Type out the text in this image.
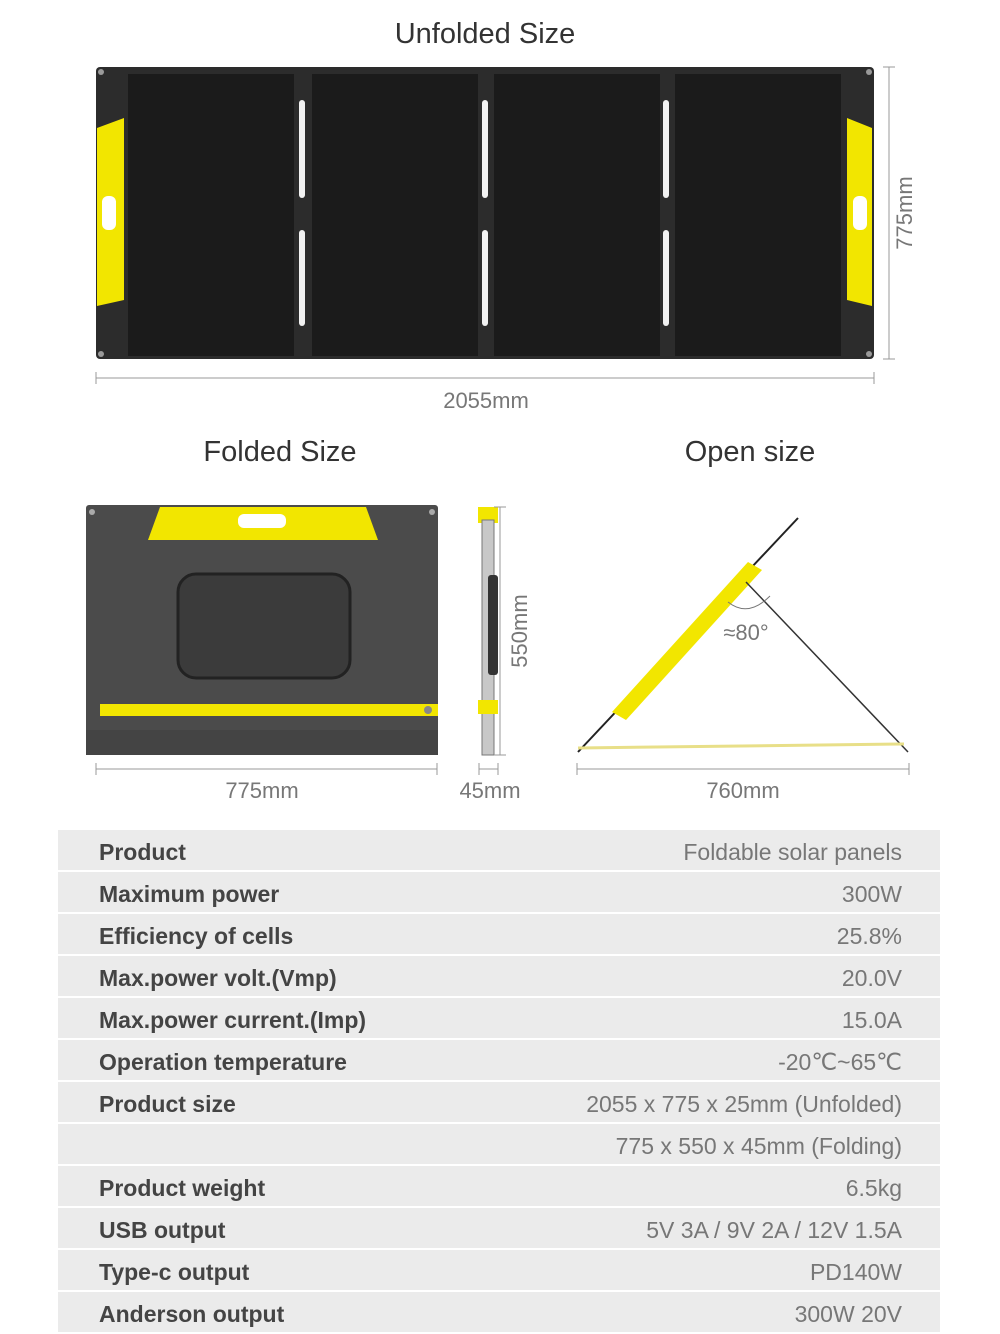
Unfolded Size
775mm
2055mm
Folded Size	Open size
550mm
775mm	45mm
≈80°
760mm
Product	Foldable solar panels
Maximum power	300W
Efficiency of cells	25.8%
Max.power volt.(Vmp)	20.0V
Max.power current.(Imp)	15.0A
Operation temperature	-20℃~65℃
Product size	2055 x 775 x 25mm (Unfolded)
775 x 550 x 45mm (Folding)
Product weight	6.5kg
USB output	5V 3A / 9V 2A / 12V 1.5A
Type-c output	PD140W
Anderson output	300W 20V
